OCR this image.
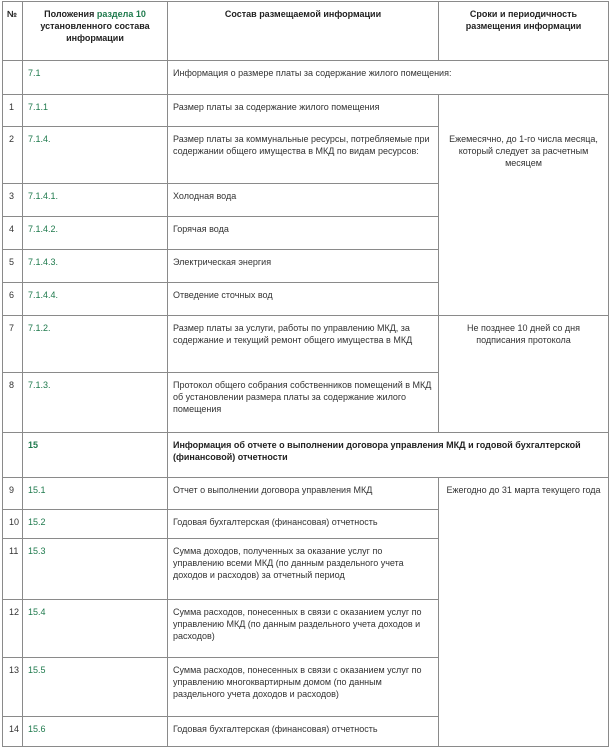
№	Положения раздела 10 установленного состава информации	Состав размещаемой информации	Сроки и периодичность размещения информации
	7.1	Информация о размере платы за содержание жилого помещения:	
1	7.1.1	Размер платы за содержание жилого помещения	Ежемесячно, до 1-го числа месяца, который следует за расчетным месяцем
2	7.1.4.	Размер платы за коммунальные ресурсы, потребляемые при содержании общего имущества в МКД по видам ресурсов:	
3	7.1.4.1.	Холодная вода	
4	7.1.4.2.	Горячая вода	
5	7.1.4.3.	Электрическая энергия	
6	7.1.4.4.	Отведение сточных вод	
7	7.1.2.	Размер платы за услуги, работы по управлению МКД, за содержание и текущий ремонт общего имущества в МКД	Не позднее 10 дней со дня подписания протокола
8	7.1.3.	Протокол общего собрания собственников помещений в МКД об установлении размера платы за содержание жилого помещения	
	15	Информация об отчете о выполнении договора управления МКД и годовой бухгалтерской (финансовой) отчетности	
9	15.1	Отчет о выполнении договора управления МКД	Ежегодно до 31 марта текущего года
10	15.2	Годовая бухгалтерская (финансовая) отчетность	
11	15.3	Сумма доходов, полученных за оказание услуг по управлению всеми МКД (по данным раздельного учета доходов и расходов) за отчетный период	
12	15.4	Сумма расходов, понесенных в связи с оказанием услуг по управлению МКД (по данным раздельного учета доходов и расходов)	
13	15.5	Сумма расходов, понесенных в связи с оказанием услуг по управлению многоквартирным домом (по данным раздельного учета доходов и расходов)	
14	15.6	Годовая бухгалтерская (финансовая) отчетность	
